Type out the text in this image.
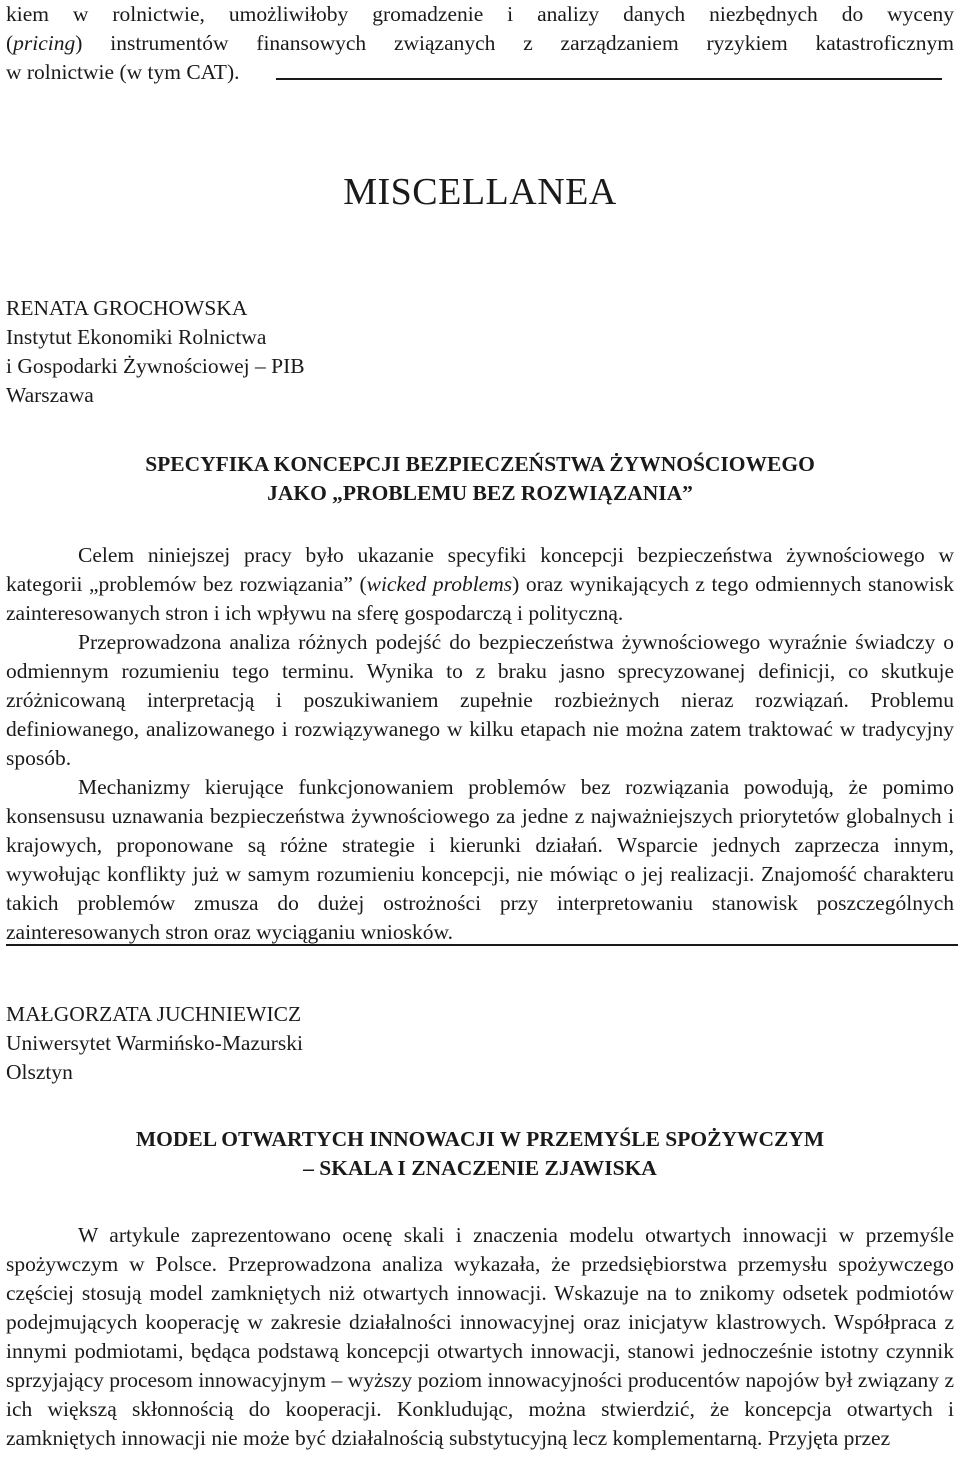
kiem w rolnictwie, umożliwiłoby gromadzenie i analizy danych niezbędnych do wyceny

(pricing) instrumentów finansowych związanych z zarządzaniem ryzykiem katastroficznym

w rolnictwie (w tym CAT).

MISCELLANEA
RENATA GROCHOWSKA
Instytut Ekonomiki Rolnictwa
i Gospodarki Żywnościowej – PIB
Warszawa
SPECYFIKA KONCEPCJI BEZPIECZEŃSTWA ŻYWNOŚCIOWEGO
JAKO „PROBLEMU BEZ ROZWIĄZANIA”

Celem niniejszej pracy było ukazanie specyfiki koncepcji bezpieczeństwa żywnościowego w kategorii „problemów bez rozwiązania” (wicked problems) oraz wynikających z tego odmiennych stanowisk zainteresowanych stron i ich wpływu na sferę gospodarczą i polityczną.

Przeprowadzona analiza różnych podejść do bezpieczeństwa żywnościowego wyraźnie świadczy o odmiennym rozumieniu tego terminu. Wynika to z braku jasno sprecyzowanej definicji, co skutkuje zróżnicowaną interpretacją i poszukiwaniem zupełnie rozbieżnych nieraz rozwiązań. Problemu definiowanego, analizowanego i rozwiązywanego w kilku etapach nie można zatem traktować w tradycyjny sposób.

Mechanizmy kierujące funkcjonowaniem problemów bez rozwiązania powodują, że pomimo konsensusu uznawania bezpieczeństwa żywnościowego za jedne z najważniejszych priorytetów globalnych i krajowych, proponowane są różne strategie i kierunki działań. Wsparcie jednych zaprzecza innym, wywołując konflikty już w samym rozumieniu koncepcji, nie mówiąc o jej realizacji. Znajomość charakteru takich problemów zmusza do dużej ostrożności przy interpretowaniu stanowisk poszczególnych zainteresowanych stron oraz wyciąganiu wniosków.

MAŁGORZATA JUCHNIEWICZ
Uniwersytet Warmińsko-Mazurski
Olsztyn
MODEL OTWARTYCH INNOWACJI W PRZEMYŚLE SPOŻYWCZYM
– SKALA I ZNACZENIE ZJAWISKA

W artykule zaprezentowano ocenę skali i znaczenia modelu otwartych innowacji w przemyśle spożywczym w Polsce. Przeprowadzona analiza wykazała, że przedsiębiorstwa przemysłu spożywczego częściej stosują model zamkniętych niż otwartych innowacji. Wskazuje na to znikomy odsetek podmiotów podejmujących kooperację w zakresie działalności innowacyjnej oraz inicjatyw klastrowych. Współpraca z innymi podmiotami, będąca podstawą koncepcji otwartych innowacji, stanowi jednocześnie istotny czynnik sprzyjający procesom innowacyjnym – wyższy poziom innowacyjności producentów napojów był związany z ich większą skłonnością do kooperacji. Konkludując, można stwierdzić, że koncepcja otwartych i zamkniętych innowacji nie może być działalnością substytucyjną lecz komplementarną. Przyjęta przez
